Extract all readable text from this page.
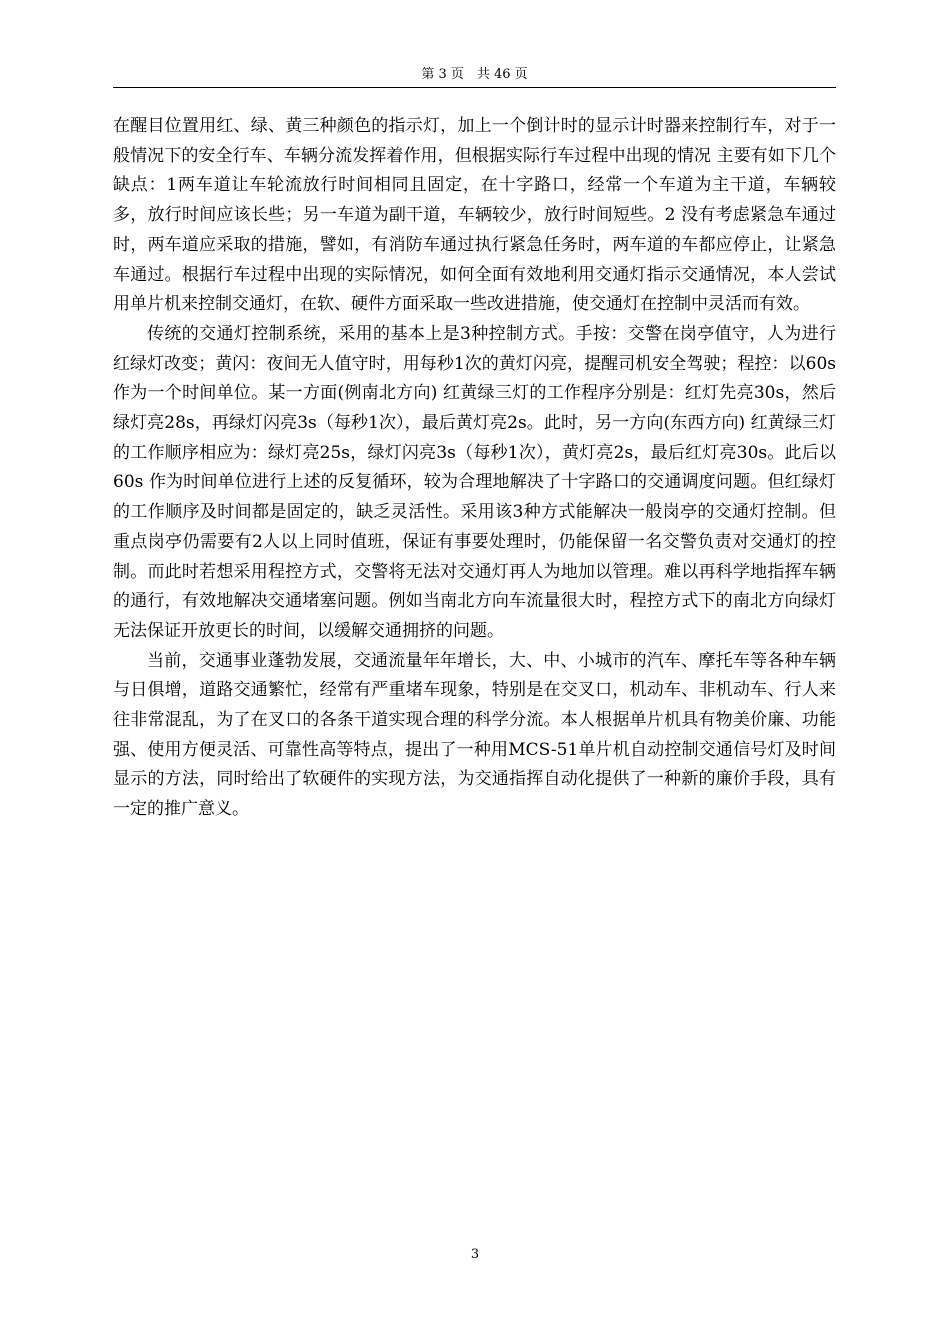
第 3 页　共 46 页

在醒目位置用红、绿、黄三种颜色的指示灯，加上一个倒计时的显示计时器来控制行车，对于一般情况下的安全行车、车辆分流发挥着作用，但根据实际行车过程中出现的情况 主要有如下几个缺点：1两车道让车轮流放行时间相同且固定，在十字路口，经常一个车道为主干道，车辆较多，放行时间应该长些；另一车道为副干道，车辆较少，放行时间短些。2 没有考虑紧急车通过时，两车道应采取的措施，譬如，有消防车通过执行紧急任务时，两车道的车都应停止，让紧急车通过。根据行车过程中出现的实际情况，如何全面有效地利用交通灯指示交通情况，本人尝试用单片机来控制交通灯，在软、硬件方面采取一些改进措施，使交通灯在控制中灵活而有效。

传统的交通灯控制系统，采用的基本上是3种控制方式。手按：交警在岗亭值守，人为进行红绿灯改变；黄闪：夜间无人值守时，用每秒1次的黄灯闪亮，提醒司机安全驾驶；程控：以60s 作为一个时间单位。某一方面(例南北方向) 红黄绿三灯的工作程序分别是：红灯先亮30s，然后绿灯亮28s，再绿灯闪亮3s（每秒1次），最后黄灯亮2s。此时，另一方向(东西方向) 红黄绿三灯的工作顺序相应为：绿灯亮25s，绿灯闪亮3s（每秒1次），黄灯亮2s，最后红灯亮30s。此后以60s 作为时间单位进行上述的反复循环，较为合理地解决了十字路口的交通调度问题。但红绿灯的工作顺序及时间都是固定的，缺乏灵活性。采用该3种方式能解决一般岗亭的交通灯控制。但重点岗亭仍需要有2人以上同时值班，保证有事要处理时，仍能保留一名交警负责对交通灯的控制。而此时若想采用程控方式，交警将无法对交通灯再人为地加以管理。难以再科学地指挥车辆的通行，有效地解决交通堵塞问题。例如当南北方向车流量很大时，程控方式下的南北方向绿灯无法保证开放更长的时间，以缓解交通拥挤的问题。

当前，交通事业蓬勃发展，交通流量年年增长，大、中、小城市的汽车、摩托车等各种车辆与日俱增，道路交通繁忙，经常有严重堵车现象，特别是在交叉口，机动车、非机动车、行人来往非常混乱，为了在叉口的各条干道实现合理的科学分流。本人根据单片机具有物美价廉、功能强、使用方便灵活、可靠性高等特点，提出了一种用MCS-51单片机自动控制交通信号灯及时间显示的方法，同时给出了软硬件的实现方法，为交通指挥自动化提供了一种新的廉价手段，具有一定的推广意义。

3
